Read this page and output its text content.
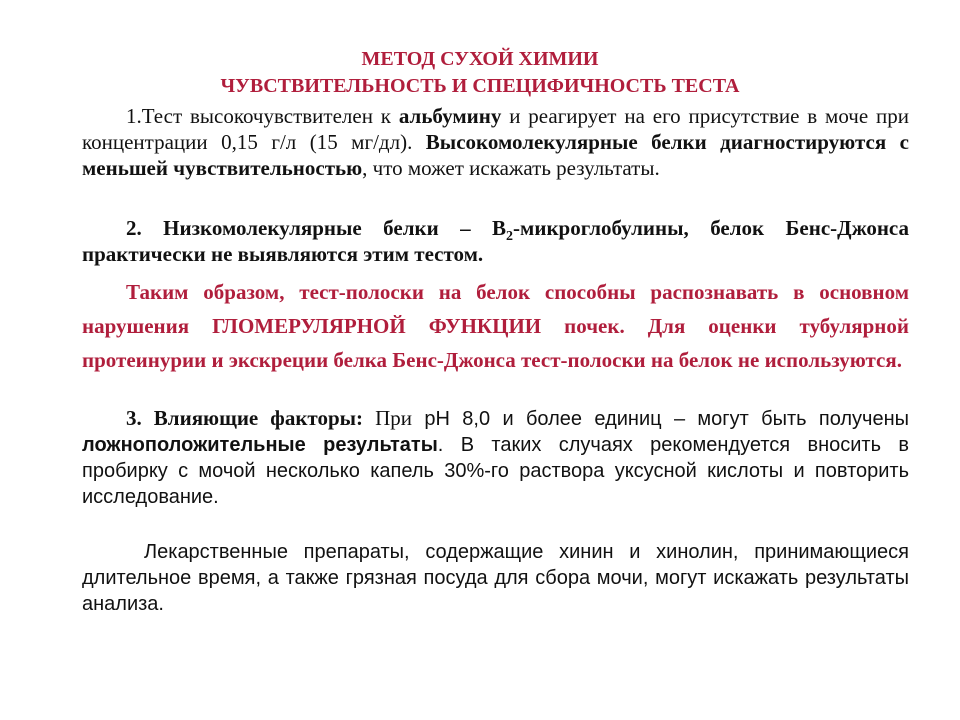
МЕТОД СУХОЙ ХИМИИ
ЧУВСТВИТЕЛЬНОСТЬ И СПЕЦИФИЧНОСТЬ ТЕСТА

1.Тест высокочувствителен к альбумину и реагирует на его присутствие в моче при концентрации 0,15 г/л (15 мг/дл). Высокомолекулярные белки диагностируются с меньшей чувствительностью, что может искажать результаты.

2. Низкомолекулярные белки – $В_2$-микроглобулины, белок Бенс-Джонса практически не выявляются этим тестом.

Таким образом, тест-полоски на белок способны распознавать в основном нарушения ГЛОМЕРУЛЯРНОЙ ФУНКЦИИ почек. Для оценки тубулярной протеинурии и экскреции белка Бенс-Джонса тест-полоски на белок не используются.

3. Влияющие факторы: При рН 8,0 и более единиц – могут быть получены ложноположительные результаты. В таких случаях рекомендуется вносить в пробирку с мочой несколько капель 30%-го раствора уксусной кислоты и повторить исследование.

Лекарственные препараты, содержащие хинин и хинолин, принимающиеся длительное время, а также грязная посуда для сбора мочи, могут искажать результаты анализа.
